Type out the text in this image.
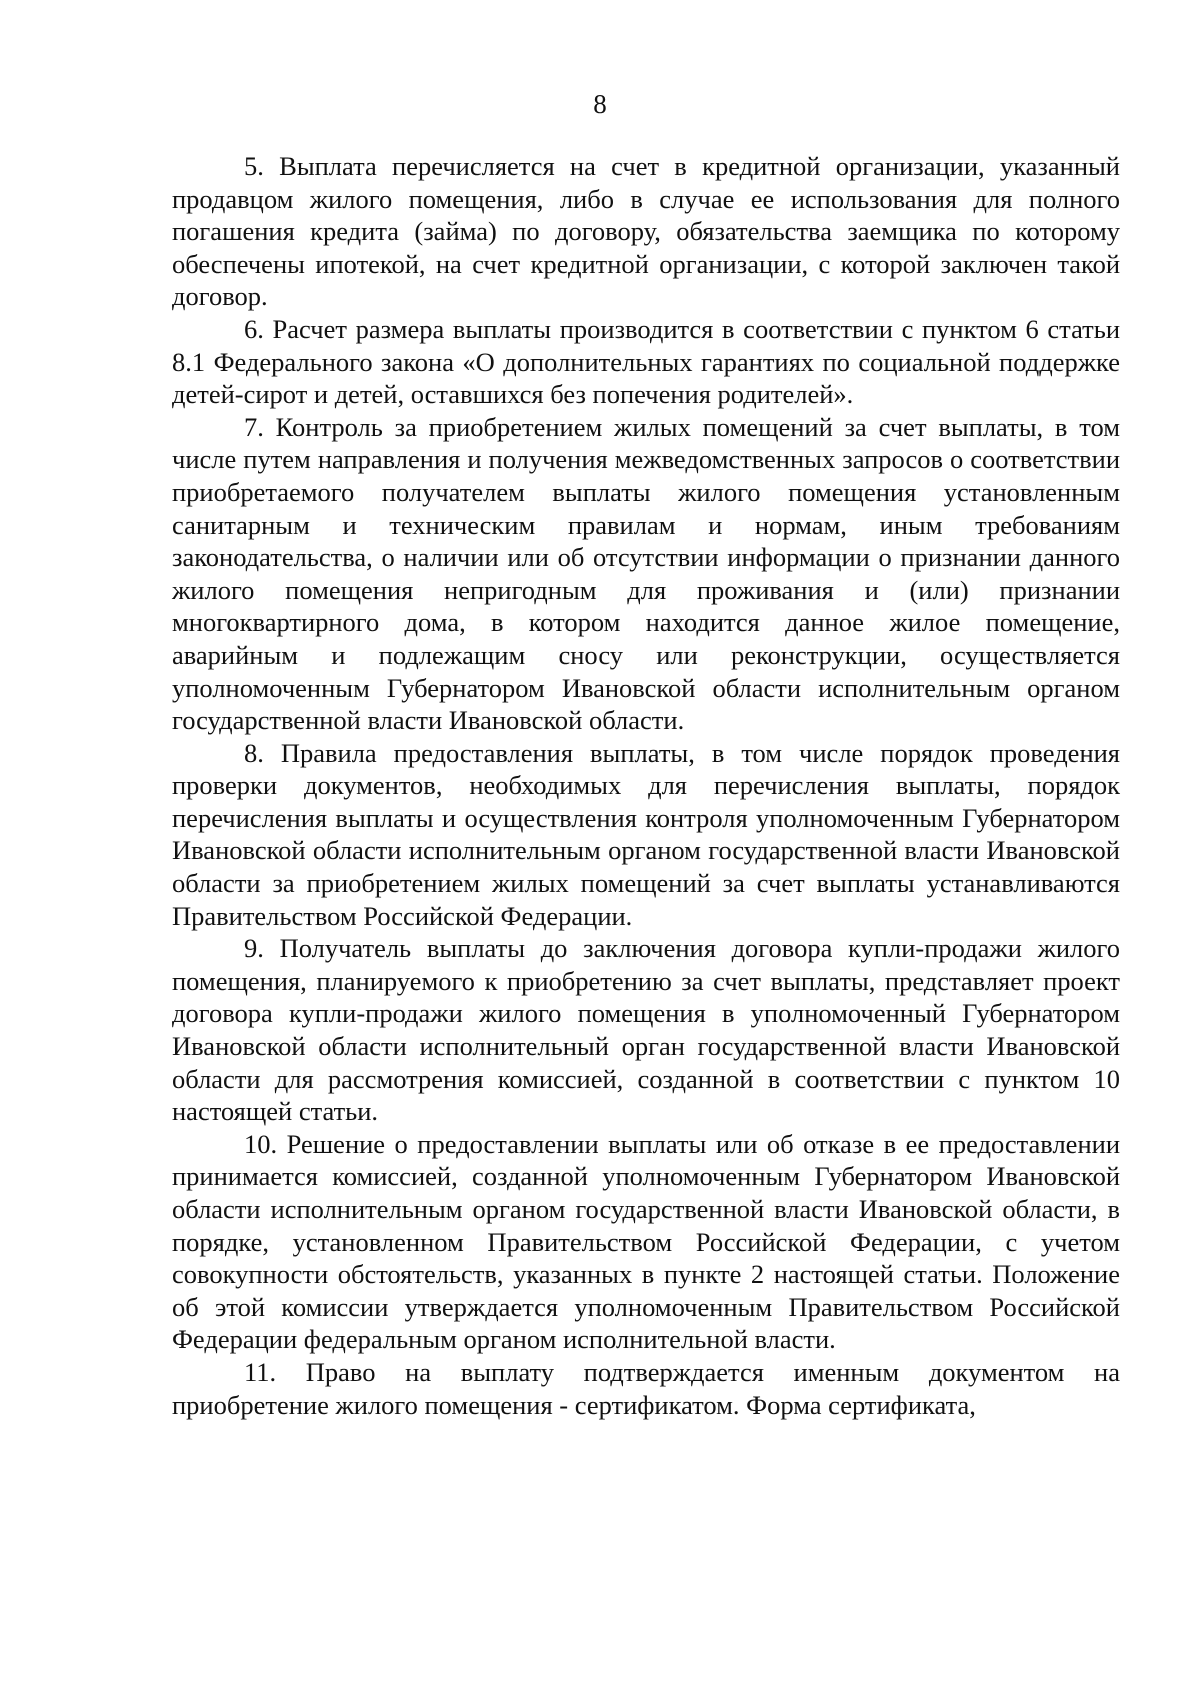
8

5. Выплата перечисляется на счет в кредитной организации, указанный продавцом жилого помещения, либо в случае ее использования для полного погашения кредита (займа) по договору, обязательства заемщика по которому обеспечены ипотекой, на счет кредитной организации, с которой заключен такой договор.

6. Расчет размера выплаты производится в соответствии с пунктом 6 статьи 8.1 Федерального закона «О дополнительных гарантиях по социальной поддержке детей-сирот и детей, оставшихся без попечения родителей».

7. Контроль за приобретением жилых помещений за счет выплаты, в том числе путем направления и получения межведомственных запросов о соответствии приобретаемого получателем выплаты жилого помещения установленным санитарным и техническим правилам и нормам, иным требованиям законодательства, о наличии или об отсутствии информации о признании данного жилого помещения непригодным для проживания и (или) признании многоквартирного дома, в котором находится данное жилое помещение, аварийным и подлежащим сносу или реконструкции, осуществляется уполномоченным Губернатором Ивановской области исполнительным органом государственной власти Ивановской области.

8. Правила предоставления выплаты, в том числе порядок проведения проверки документов, необходимых для перечисления выплаты, порядок перечисления выплаты и осуществления контроля уполномоченным Губернатором Ивановской области исполнительным органом государственной власти Ивановской области за приобретением жилых помещений за счет выплаты устанавливаются Правительством Российской Федерации.

9. Получатель выплаты до заключения договора купли-продажи жилого помещения, планируемого к приобретению за счет выплаты, представляет проект договора купли-продажи жилого помещения в уполномоченный Губернатором Ивановской области исполнительный орган государственной власти Ивановской области для рассмотрения комиссией, созданной в соответствии с пунктом 10 настоящей статьи.

10. Решение о предоставлении выплаты или об отказе в ее предоставлении принимается комиссией, созданной уполномоченным Губернатором Ивановской области исполнительным органом государственной власти Ивановской области, в порядке, установленном Правительством Российской Федерации, с учетом совокупности обстоятельств, указанных в пункте 2 настоящей статьи. Положение об этой комиссии утверждается уполномоченным Правительством Российской Федерации федеральным органом исполнительной власти.

11. Право на выплату подтверждается именным документом на приобретение жилого помещения - сертификатом. Форма сертификата,
